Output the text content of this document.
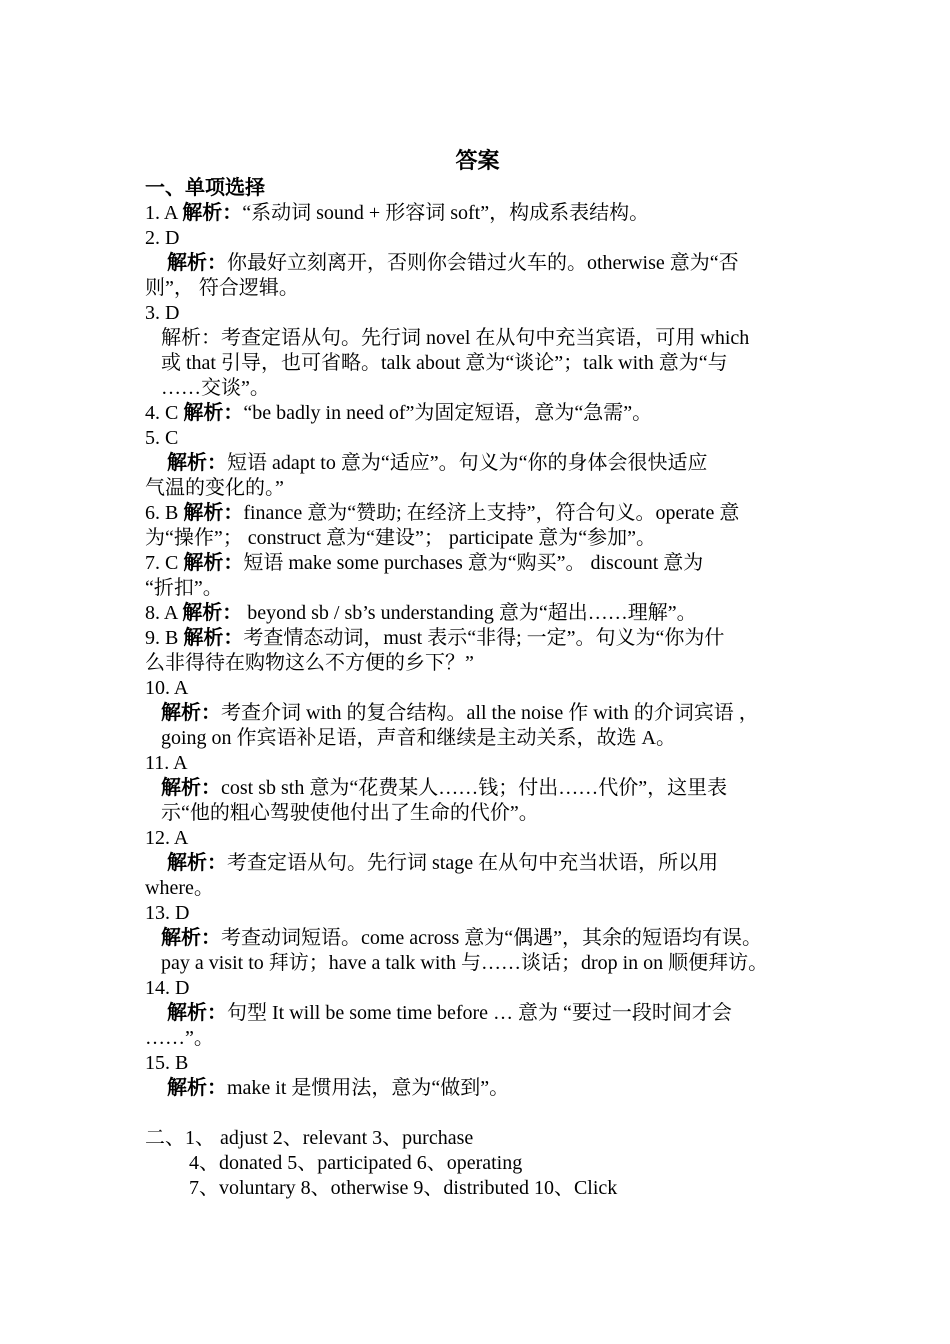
答案
一、单项选择
1. A 解析：“系动词 sound + 形容词 soft”，构成系表结构。
2. D
解析：你最好立刻离开，否则你会错过火车的。otherwise 意为“否
则”， 符合逻辑。
3. D
解析：考查定语从句。先行词 novel 在从句中充当宾语，可用 which
或 that 引导，也可省略。talk about 意为“谈论”；talk with 意为“与
……交谈”。
4. C 解析：“be badly in need of”为固定短语，意为“急需”。
5. C
解析：短语 adapt to 意为“适应”。句义为“你的身体会很快适应
气温的变化的。”
6. B 解析：finance 意为“赞助; 在经济上支持”，符合句义。operate 意
为“操作”； construct 意为“建设”； participate 意为“参加”。
7. C 解析：短语 make some purchases 意为“购买”。 discount 意为
“折扣”。
8. A 解析： beyond sb / sb’s understanding 意为“超出……理解”。
9. B 解析：考查情态动词，must 表示“非得; 一定”。句义为“你为什
么非得待在购物这么不方便的乡下？”
10. A
解析：考查介词 with 的复合结构。all the noise 作 with 的介词宾语 ，
going on 作宾语补足语，声音和继续是主动关系，故选 A。
11. A
解析：cost sb sth 意为“花费某人……钱；付出……代价”，这里表
示“他的粗心驾驶使他付出了生命的代价”。
12. A
解析：考查定语从句。先行词 stage 在从句中充当状语，所以用
where。
13. D
解析：考查动词短语。come across 意为“偶遇”，其余的短语均有误。
pay a visit to 拜访；have a talk with 与……谈话；drop in on 顺便拜访。
14. D
解析：句型 It will be some time before … 意为 “要过一段时间才会
……”。
15. B
解析：make it 是惯用法，意为“做到”。
二、1、 adjust 2、relevant 3、purchase
4、donated 5、participated 6、operating
7、voluntary 8、otherwise 9、distributed 10、Click
